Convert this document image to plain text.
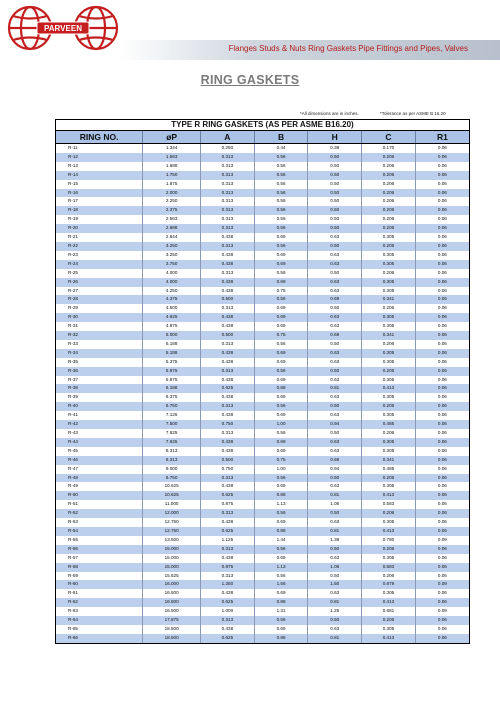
PARVEEN
Flanges Studs & Nuts Ring Gaskets Pipe Fittings and Pipes, Valves
RING GASKETS
*All dimensions are in inches.	*Tolerance as per ASME B 16.20
TYPE R RING GASKETS (AS PER ASME B16.20)						
RING NO.	øP	A	B	H	C	R1
R-11	1.344	0.250	0.44	0.38	0.170	0.06
R-12	1.563	0.313	0.56	0.50	0.206	0.06
R-13	1.688	0.313	0.56	0.50	0.206	0.06
R-14	1.750	0.313	0.56	0.50	0.206	0.06
R-15	1.875	0.313	0.56	0.50	0.206	0.06
R-16	2.000	0.313	0.56	0.50	0.206	0.06
R-17	2.250	0.313	0.56	0.50	0.206	0.06
R-18	2.375	0.313	0.56	0.50	0.206	0.06
R-19	2.563	0.313	0.56	0.50	0.206	0.06
R-20	2.688	0.313	0.56	0.50	0.206	0.06
R-21	2.844	0.438	0.69	0.63	0.305	0.06
R-22	3.250	0.313	0.56	0.50	0.206	0.06
R-23	3.250	0.438	0.69	0.63	0.305	0.06
R-24	3.750	0.438	0.69	0.63	0.305	0.06
R-25	4.000	0.313	0.56	0.50	0.206	0.06
R-26	4.000	0.438	0.69	0.63	0.305	0.06
R-27	4.250	0.438	0.75	0.63	0.305	0.06
R-28	4.375	0.500	0.56	0.69	0.341	0.06
R-29	4.500	0.313	0.69	0.50	0.206	0.06
R-30	4.625	0.438	0.69	0.63	0.305	0.06
R-31	4.875	0.438	0.69	0.63	0.305	0.06
R-32	5.000	0.500	0.75	0.69	0.341	0.06
R-33	5.188	0.313	0.56	0.50	0.206	0.06
R-34	5.188	0.438	0.69	0.63	0.305	0.06
R-35	5.375	0.438	0.69	0.63	0.305	0.06
R-36	5.875	0.313	0.56	0.50	0.206	0.06
R-37	5.875	0.438	0.69	0.63	0.305	0.06
R-38	6.188	0.625	0.88	0.81	0.413	0.06
R-39	6.375	0.438	0.69	0.63	0.305	0.06
R-40	6.750	0.313	0.56	0.50	0.206	0.06
R-41	7.125	0.438	0.69	0.63	0.305	0.06
R-42	7.500	0.750	1.00	0.94	0.485	0.06
R-43	7.625	0.313	0.56	0.50	0.206	0.06
R-44	7.625	0.438	0.69	0.63	0.305	0.06
R-45	8.313	0.438	0.69	0.63	0.305	0.06
R-46	8.313	0.500	0.75	0.69	0.341	0.06
R-47	9.000	0.750	1.00	0.94	0.485	0.06
R-48	9.750	0.313	0.56	0.50	0.206	0.06
R-49	10.625	0.438	0.69	0.63	0.305	0.06
R-50	10.625	0.625	0.88	0.81	0.413	0.06
R-51	11.000	0.875	1.13	1.06	0.583	0.06
R-52	12.000	0.313	0.56	0.50	0.206	0.06
R-53	12.750	0.438	0.69	0.63	0.305	0.06
R-54	12.750	0.625	0.88	0.81	0.413	0.06
R-55	13.500	1.125	1.44	1.38	0.780	0.09
R-56	15.000	0.313	0.56	0.50	0.206	0.06
R-57	15.000	0.438	0.69	0.63	0.305	0.06
R-58	15.000	0.875	1.13	1.06	0.583	0.06
R-59	15.625	0.313	0.56	0.50	0.206	0.06
R-60	16.000	1.250	1.56	1.50	0.879	0.09
R-61	16.500	0.438	0.69	0.63	0.305	0.06
R-62	16.500	0.625	0.88	0.81	0.413	0.06
R-63	16.500	1.000	1.31	1.25	0.681	0.09
R-64	17.875	0.313	0.56	0.50	0.206	0.06
R-65	18.500	0.438	0.69	0.63	0.305	0.06
R-66	18.500	0.625	0.88	0.81	0.413	0.06
